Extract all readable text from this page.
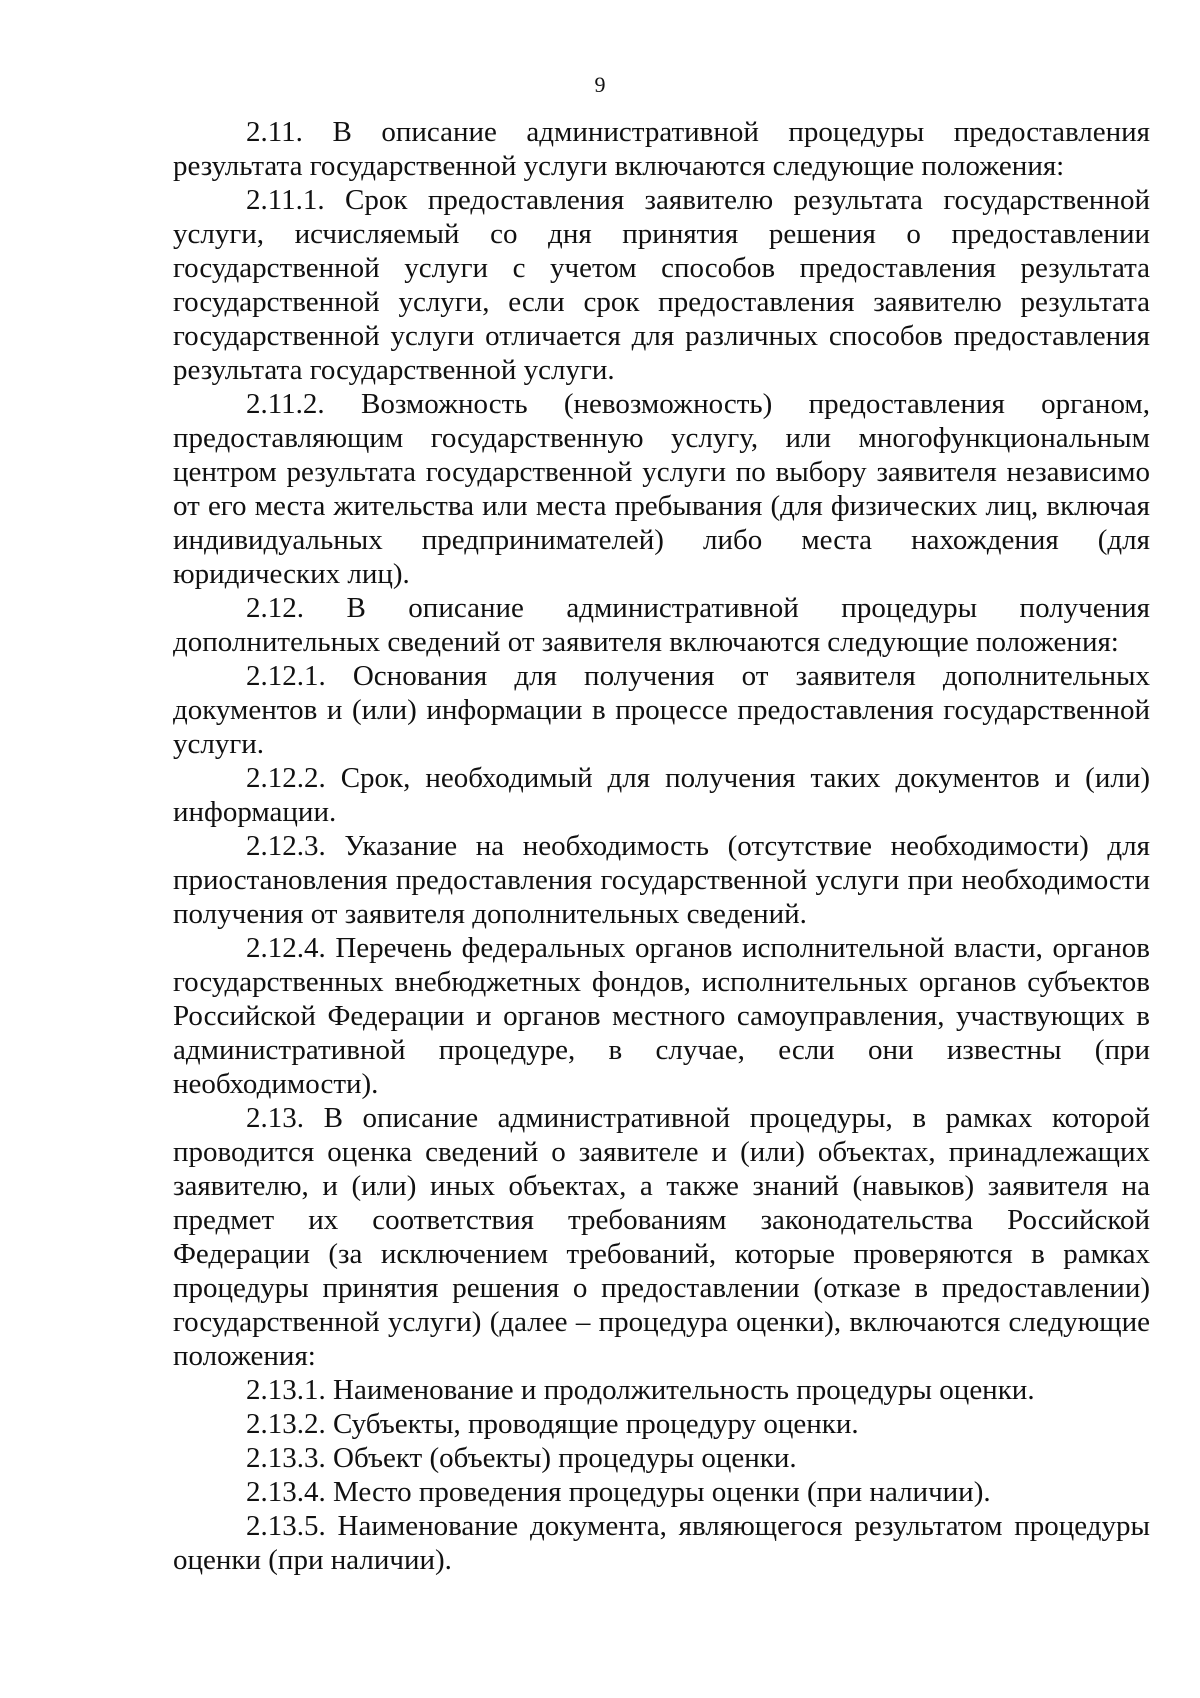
9

2.11. В описание административной процедуры предоставления результата государственной услуги включаются следующие положения:

2.11.1. Срок предоставления заявителю результата государственной услуги, исчисляемый со дня принятия решения о предоставлении государственной услуги с учетом способов предоставления результата государственной услуги, если срок предоставления заявителю результата государственной услуги отличается для различных способов предоставления результата государственной услуги.

2.11.2. Возможность (невозможность) предоставления органом, предоставляющим государственную услугу, или многофункциональным центром результата государственной услуги по выбору заявителя независимо от его места жительства или места пребывания (для физических лиц, включая индивидуальных предпринимателей) либо места нахождения (для юридических лиц).

2.12. В описание административной процедуры получения дополнительных сведений от заявителя включаются следующие положения:

2.12.1. Основания для получения от заявителя дополнительных документов и (или) информации в процессе предоставления государственной услуги.

2.12.2. Срок, необходимый для получения таких документов и (или) информации.

2.12.3. Указание на необходимость (отсутствие необходимости) для приостановления предоставления государственной услуги при необходимости получения от заявителя дополнительных сведений.

2.12.4. Перечень федеральных органов исполнительной власти, органов государственных внебюджетных фондов, исполнительных органов субъектов Российской Федерации и органов местного самоуправления, участвующих в административной процедуре, в случае, если они известны (при необходимости).

2.13. В описание административной процедуры, в рамках которой проводится оценка сведений о заявителе и (или) объектах, принадлежащих заявителю, и (или) иных объектах, а также знаний (навыков) заявителя на предмет их соответствия требованиям законодательства Российской Федерации (за исключением требований, которые проверяются в рамках процедуры принятия решения о предоставлении (отказе в предоставлении) государственной услуги) (далее – процедура оценки), включаются следующие положения:

2.13.1. Наименование и продолжительность процедуры оценки.

2.13.2. Субъекты, проводящие процедуру оценки.

2.13.3. Объект (объекты) процедуры оценки.

2.13.4. Место проведения процедуры оценки (при наличии).

2.13.5. Наименование документа, являющегося результатом процедуры оценки (при наличии).
